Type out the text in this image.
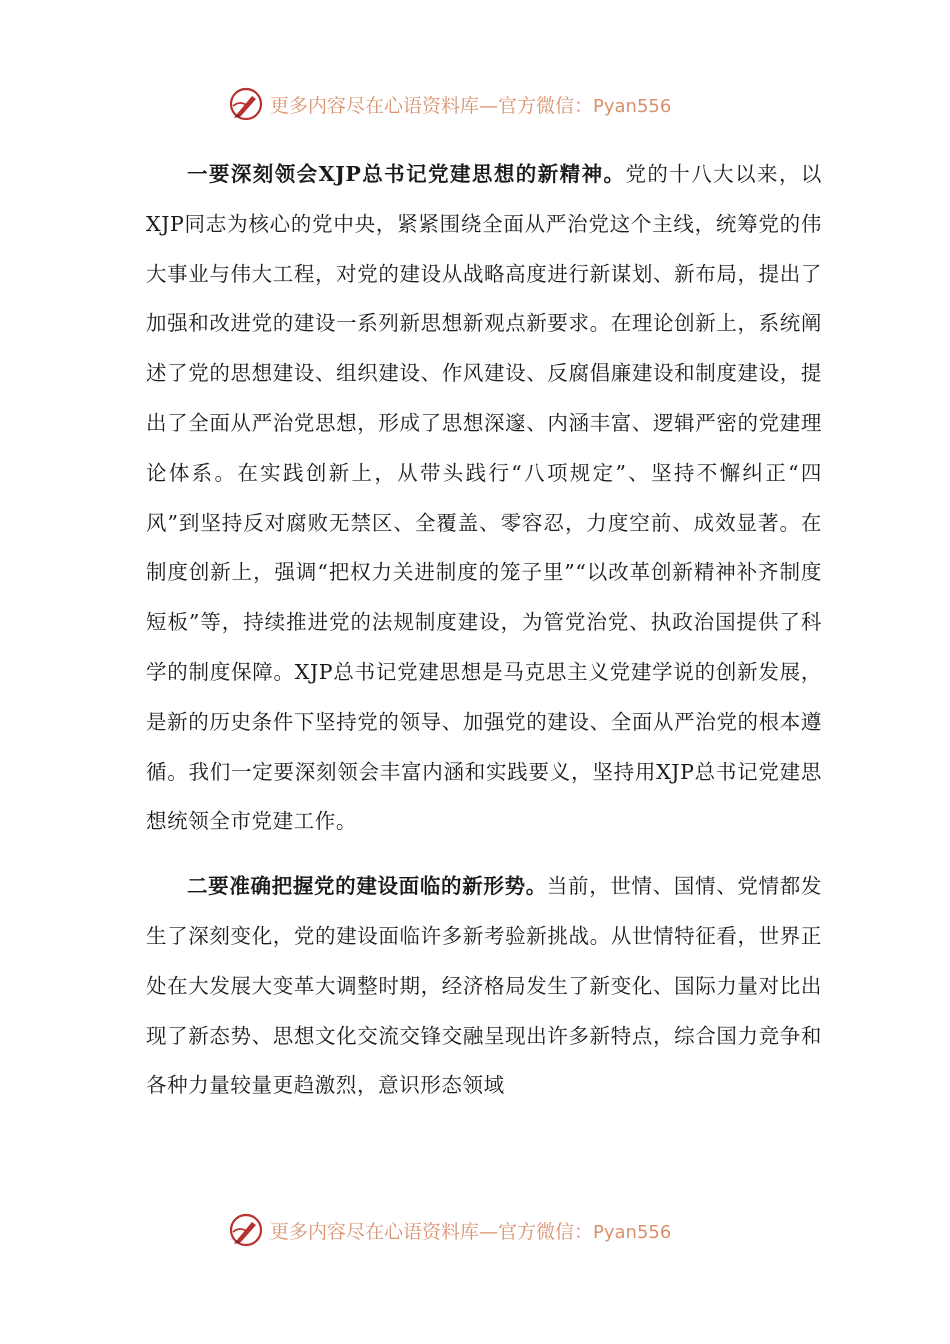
更多内容尽在心语资料库—官方微信：Pyan556

一要深刻领会XJP总书记党建思想的新精神。党的十八大以来，以XJP同志为核心的党中央，紧紧围绕全面从严治党这个主线，统筹党的伟大事业与伟大工程，对党的建设从战略高度进行新谋划、新布局，提出了加强和改进党的建设一系列新思想新观点新要求。在理论创新上，系统阐述了党的思想建设、组织建设、作风建设、反腐倡廉建设和制度建设，提出了全面从严治党思想，形成了思想深邃、内涵丰富、逻辑严密的党建理论体系。在实践创新上，从带头践行“八项规定”、坚持不懈纠正“四风”到坚持反对腐败无禁区、全覆盖、零容忍，力度空前、成效显著。在制度创新上，强调“把权力关进制度的笼子里”“以改革创新精神补齐制度短板”等，持续推进党的法规制度建设，为管党治党、执政治国提供了科学的制度保障。XJP总书记党建思想是马克思主义党建学说的创新发展，是新的历史条件下坚持党的领导、加强党的建设、全面从严治党的根本遵循。我们一定要深刻领会丰富内涵和实践要义，坚持用XJP总书记党建思想统领全市党建工作。

二要准确把握党的建设面临的新形势。当前，世情、国情、党情都发生了深刻变化，党的建设面临许多新考验新挑战。从世情特征看，世界正处在大发展大变革大调整时期，经济格局发生了新变化、国际力量对比出现了新态势、思想文化交流交锋交融呈现出许多新特点，综合国力竞争和各种力量较量更趋激烈，意识形态领域

更多内容尽在心语资料库—官方微信：Pyan556
